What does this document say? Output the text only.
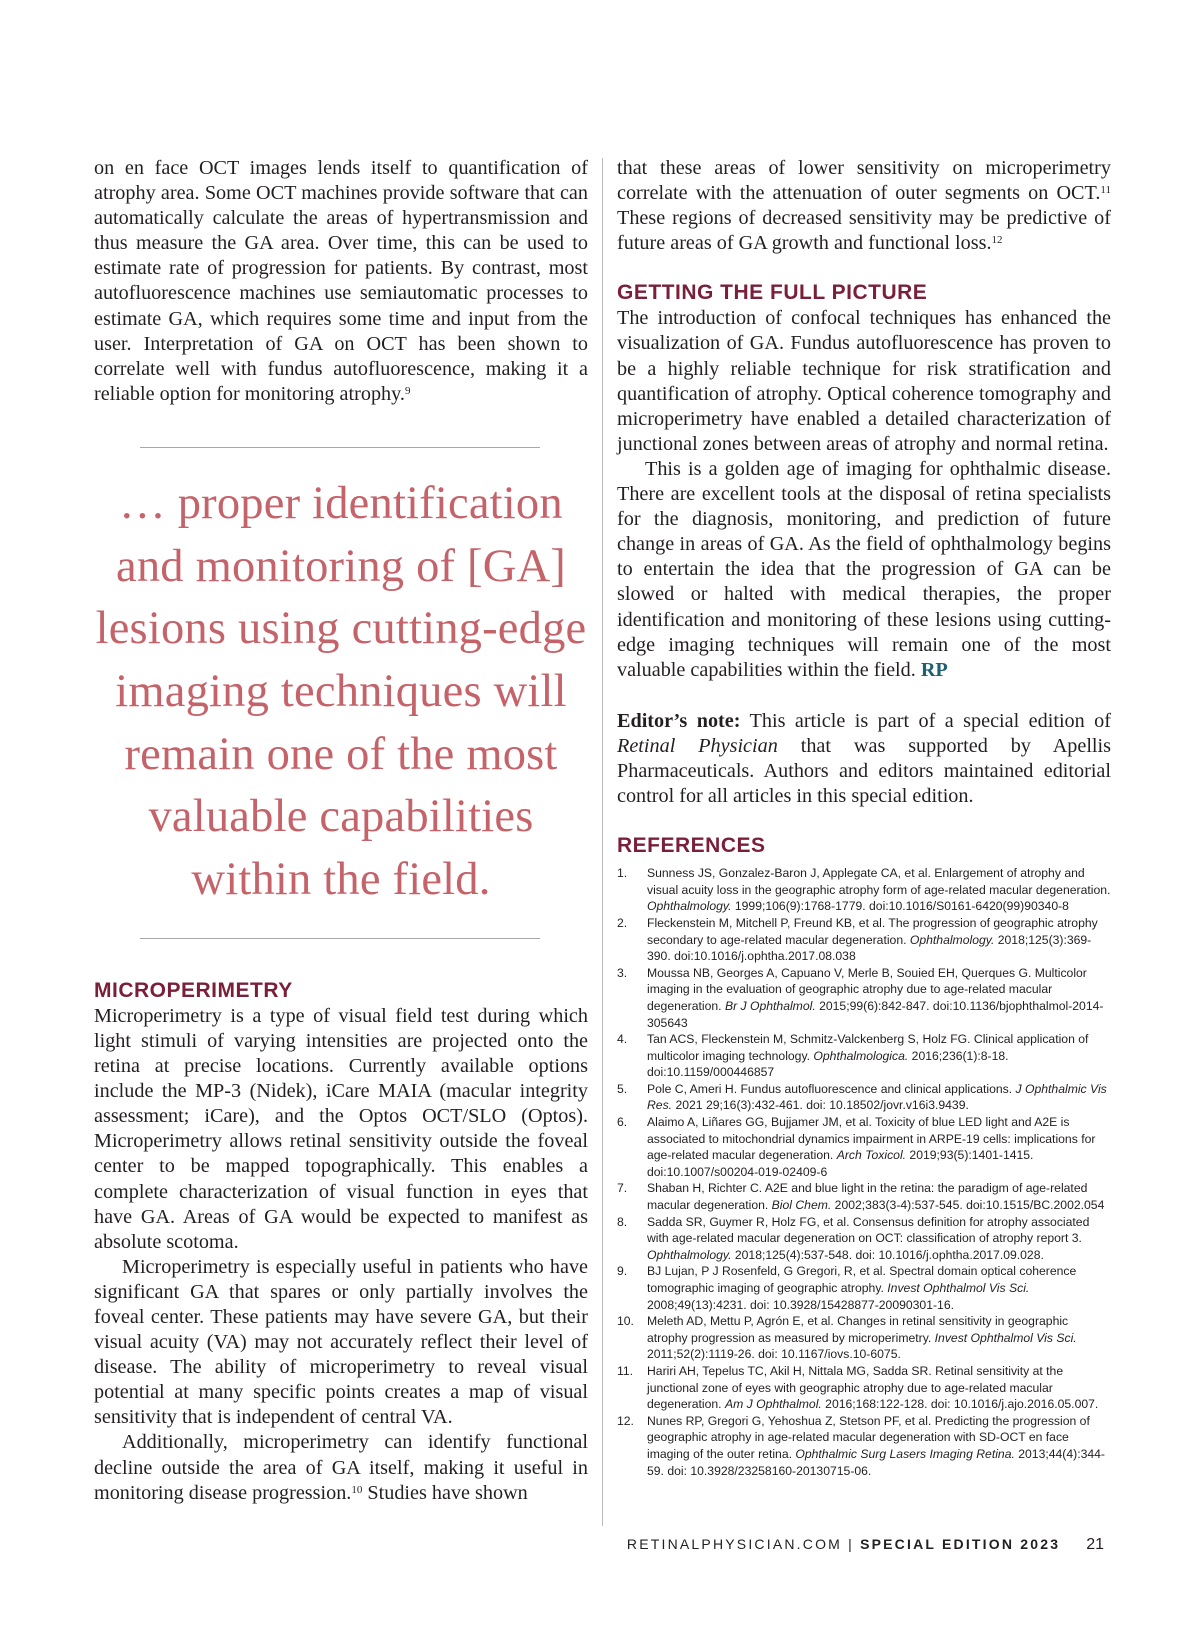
on en face OCT images lends itself to quantification of atrophy area. Some OCT machines provide software that can automatically calculate the areas of hypertransmission and thus measure the GA area. Over time, this can be used to estimate rate of progression for patients. By contrast, most autofluorescence machines use semiautomatic processes to estimate GA, which requires some time and input from the user. Interpretation of GA on OCT has been shown to correlate well with fundus autofluorescence, making it a reliable option for monitoring atrophy.$^9$

… proper identification and monitoring of [GA] lesions using cutting-edge imaging techniques will remain one of the most valuable capabilities within the field.
MICROPERIMETRY

Microperimetry is a type of visual field test during which light stimuli of varying intensities are projected onto the retina at precise locations. Currently available options include the MP-3 (Nidek), iCare MAIA (macular integrity assessment; iCare), and the Optos OCT/SLO (Optos). Microperimetry allows retinal sensitivity outside the foveal center to be mapped topographically. This enables a complete characterization of visual function in eyes that have GA. Areas of GA would be expected to manifest as absolute scotoma.

Microperimetry is especially useful in patients who have significant GA that spares or only partially involves the foveal center. These patients may have severe GA, but their visual acuity (VA) may not accurately reflect their level of disease. The ability of microperimetry to reveal visual potential at many specific points creates a map of visual sensitivity that is independent of central VA.

Additionally, microperimetry can identify functional decline outside the area of GA itself, making it useful in monitoring disease progression.$^{10}$ Studies have shown

that these areas of lower sensitivity on microperimetry correlate with the attenuation of outer segments on OCT.$^{11}$ These regions of decreased sensitivity may be predictive of future areas of GA growth and functional loss.$^{12}$

GETTING THE FULL PICTURE

The introduction of confocal techniques has enhanced the visualization of GA. Fundus autofluorescence has proven to be a highly reliable technique for risk stratification and quantification of atrophy. Optical coherence tomography and microperimetry have enabled a detailed characterization of junctional zones between areas of atrophy and normal retina.

This is a golden age of imaging for ophthalmic disease. There are excellent tools at the disposal of retina specialists for the diagnosis, monitoring, and prediction of future change in areas of GA. As the field of ophthalmology begins to entertain the idea that the progression of GA can be slowed or halted with medical therapies, the proper identification and monitoring of these lesions using cutting-edge imaging techniques will remain one of the most valuable capabilities within the field. RP

Editor’s note: This article is part of a special edition of Retinal Physician that was supported by Apellis Pharmaceuticals. Authors and editors maintained editorial control for all articles in this special edition.

REFERENCES
1. Sunness JS, Gonzalez-Baron J, Applegate CA, et al. Enlargement of atrophy and visual acuity loss in the geographic atrophy form of age-related macular degeneration. Ophthalmology. 1999;106(9):1768-1779. doi:10.1016/S0161-6420(99)90340-8
2. Fleckenstein M, Mitchell P, Freund KB, et al. The progression of geographic atrophy secondary to age-related macular degeneration. Ophthalmology. 2018;125(3):369-390. doi:10.1016/j.ophtha.2017.08.038
3. Moussa NB, Georges A, Capuano V, Merle B, Souied EH, Querques G. Multicolor imaging in the evaluation of geographic atrophy due to age-related macular degeneration. Br J Ophthalmol. 2015;99(6):842-847. doi:10.1136/bjophthalmol-2014-305643
4. Tan ACS, Fleckenstein M, Schmitz-Valckenberg S, Holz FG. Clinical application of multicolor imaging technology. Ophthalmologica. 2016;236(1):8-18. doi:10.1159/000446857
5. Pole C, Ameri H. Fundus autofluorescence and clinical applications. J Ophthalmic Vis Res. 2021 29;16(3):432-461. doi: 10.18502/jovr.v16i3.9439.
6. Alaimo A, Liñares GG, Bujjamer JM, et al. Toxicity of blue LED light and A2E is associated to mitochondrial dynamics impairment in ARPE-19 cells: implications for age-related macular degeneration. Arch Toxicol. 2019;93(5):1401-1415. doi:10.1007/s00204-019-02409-6
7. Shaban H, Richter C. A2E and blue light in the retina: the paradigm of age-related macular degeneration. Biol Chem. 2002;383(3-4):537-545. doi:10.1515/BC.2002.054
8. Sadda SR, Guymer R, Holz FG, et al. Consensus definition for atrophy associated with age-related macular degeneration on OCT: classification of atrophy report 3. Ophthalmology. 2018;125(4):537-548. doi: 10.1016/j.ophtha.2017.09.028.
9. BJ Lujan, P J Rosenfeld, G Gregori, R, et al. Spectral domain optical coherence tomographic imaging of geographic atrophy. Invest Ophthalmol Vis Sci. 2008;49(13):4231. doi: 10.3928/15428877-20090301-16.
10. Meleth AD, Mettu P, Agrón E, et al. Changes in retinal sensitivity in geographic atrophy progression as measured by microperimetry. Invest Ophthalmol Vis Sci. 2011;52(2):1119-26. doi: 10.1167/iovs.10-6075.
11. Hariri AH, Tepelus TC, Akil H, Nittala MG, Sadda SR. Retinal sensitivity at the junctional zone of eyes with geographic atrophy due to age-related macular degeneration. Am J Ophthalmol. 2016;168:122-128. doi: 10.1016/j.ajo.2016.05.007.
12. Nunes RP, Gregori G, Yehoshua Z, Stetson PF, et al. Predicting the progression of geographic atrophy in age-related macular degeneration with SD-OCT en face imaging of the outer retina. Ophthalmic Surg Lasers Imaging Retina. 2013;44(4):344-59. doi: 10.3928/23258160-20130715-06.
RETINALPHYSICIAN.COM | SPECIAL EDITION 2023 21
